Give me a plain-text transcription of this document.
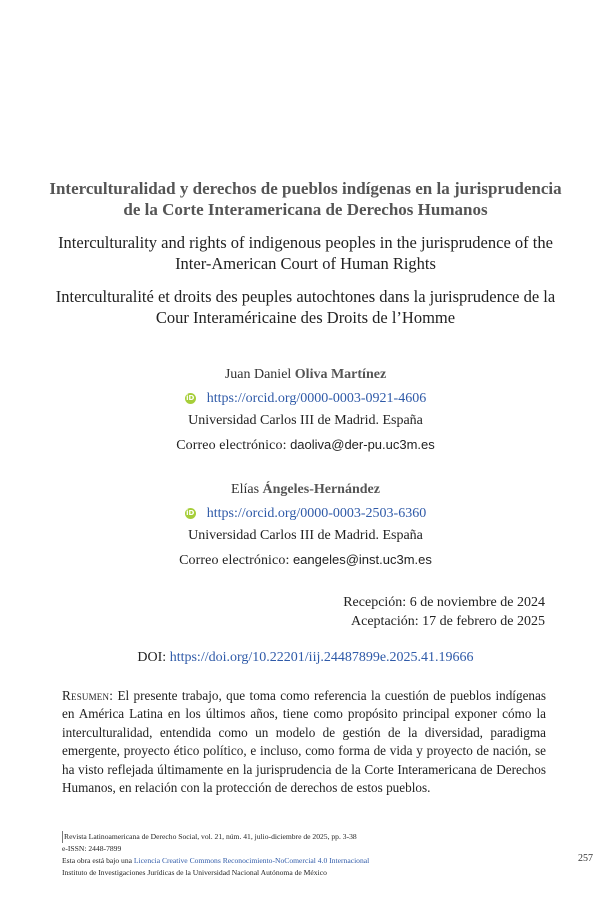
Interculturalidad y derechos de pueblos indígenas en la jurisprudencia de la Corte Interamericana de Derechos Humanos

Interculturality and rights of indigenous peoples in the jurisprudence of the Inter-American Court of Human Rights

Interculturalité et droits des peuples autochtones dans la jurisprudence de la Cour Interaméricaine des Droits de l’Homme

Juan Daniel Oliva Martínez

iD https://orcid.org/0000-0003-0921-4606

Universidad Carlos III de Madrid. España

Correo electrónico: daoliva@der-pu.uc3m.es

Elías Ángeles-Hernández

iD https://orcid.org/0000-0003-2503-6360

Universidad Carlos III de Madrid. España

Correo electrónico: eangeles@inst.uc3m.es

Recepción: 6 de noviembre de 2024

Aceptación: 17 de febrero de 2025

DOI: https://doi.org/10.22201/iij.24487899e.2025.41.19666

Resumen: El presente trabajo, que toma como referencia la cuestión de pueblos indígenas en América Latina en los últimos años, tiene como propósito principal exponer cómo la interculturalidad, entendida como un modelo de gestión de la diversidad, paradigma emergente, proyecto ético político, e incluso, como forma de vida y proyecto de nación, se ha visto reflejada últimamente en la jurisprudencia de la Corte Interamericana de Derechos Humanos, en relación con la protección de derechos de estos pueblos.

Revista Latinoamericana de Derecho Social, vol. 21, núm. 41, julio-diciembre de 2025, pp. 3-38

e-ISSN: 2448-7899

Esta obra está bajo una Licencia Creative Commons Reconocimiento-NoComercial 4.0 Internacional

Instituto de Investigaciones Jurídicas de la Universidad Nacional Autónoma de México

257
